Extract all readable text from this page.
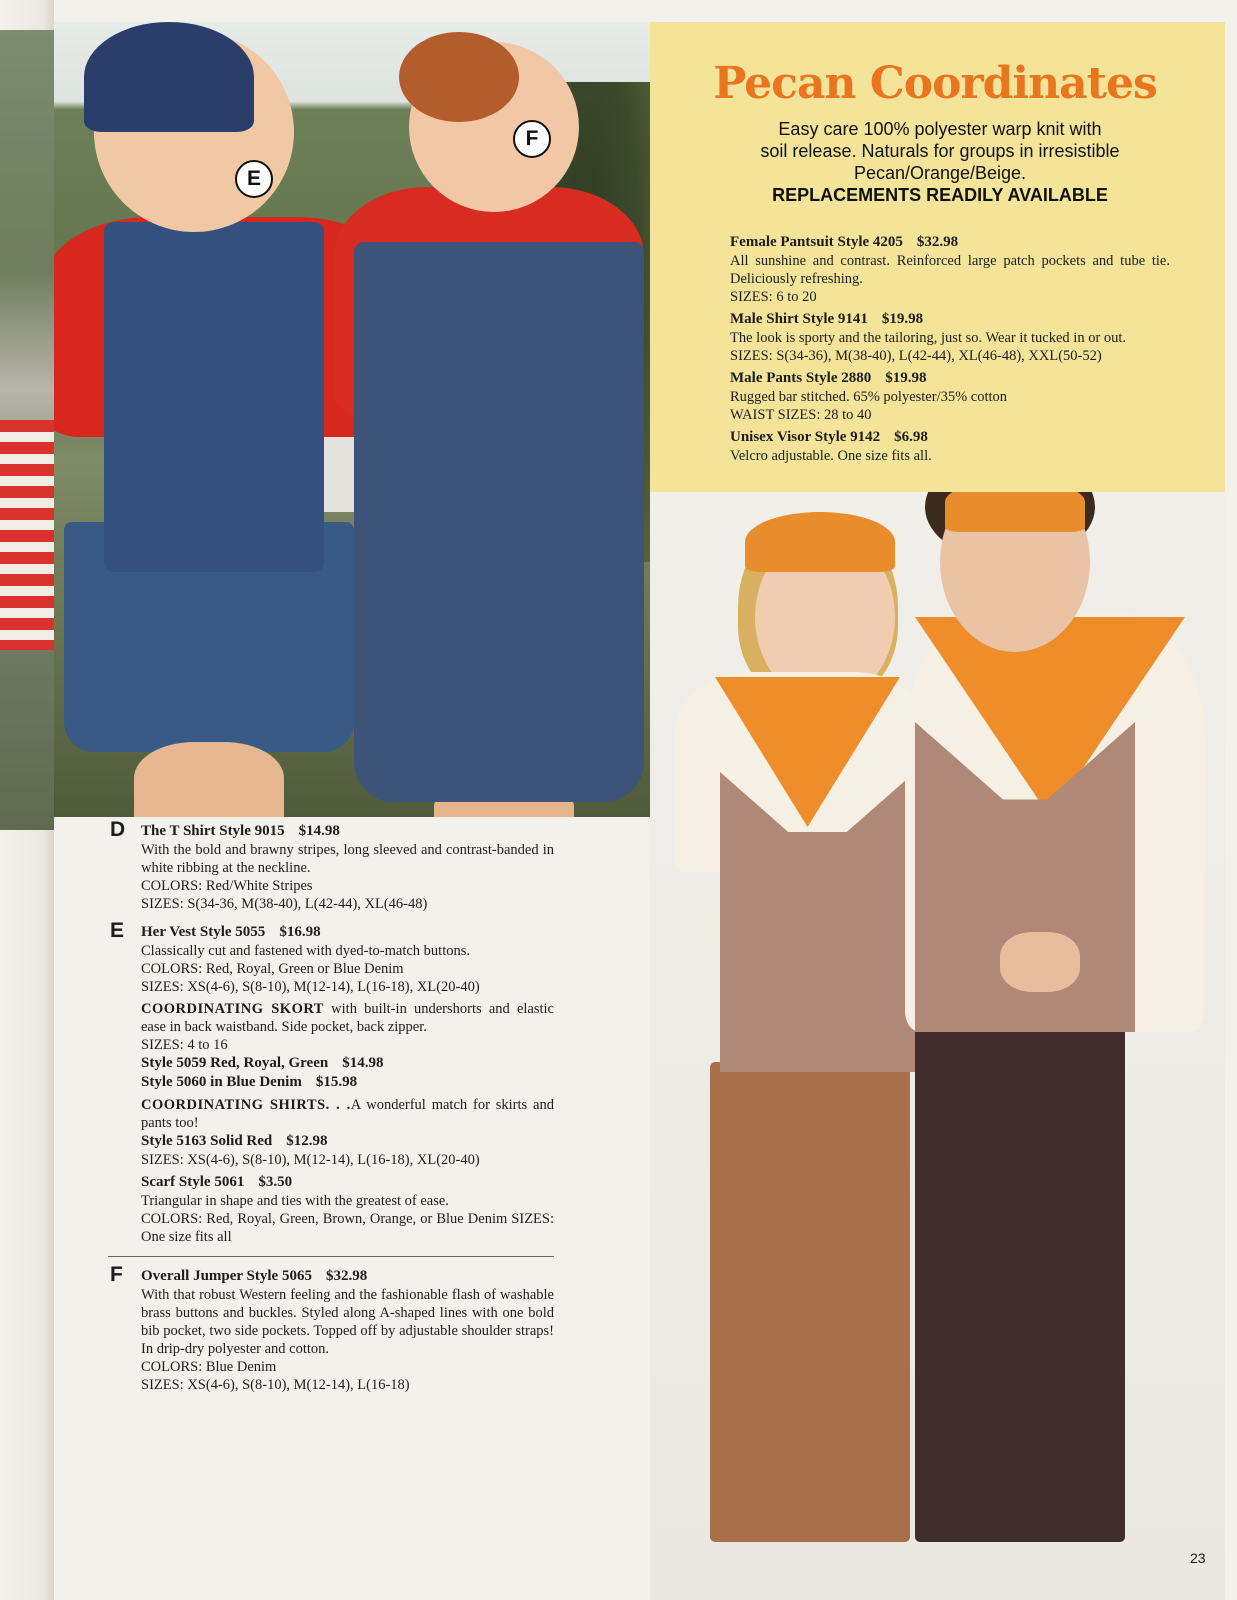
E
F
D The T Shirt Style 9015 $14.98
With the bold and brawny stripes, long sleeved and contrast-banded in white ribbing at the neckline.
COLORS: Red/White Stripes
SIZES: S(34-36, M(38-40), L(42-44), XL(46-48)
E Her Vest Style 5055 $16.98
Classically cut and fastened with dyed-to-match buttons.
COLORS: Red, Royal, Green or Blue Denim
SIZES: XS(4-6), S(8-10), M(12-14), L(16-18), XL(20-40)
COORDINATING SKORT with built-in undershorts and elastic ease in back waistband. Side pocket, back zipper.
SIZES: 4 to 16
Style 5059 Red, Royal, Green $14.98
Style 5060 in Blue Denim $15.98
COORDINATING SHIRTS. . .A wonderful match for skirts and pants too!
Style 5163 Solid Red $12.98
SIZES: XS(4-6), S(8-10), M(12-14), L(16-18), XL(20-40)
Scarf Style 5061 $3.50
Triangular in shape and ties with the greatest of ease.
COLORS: Red, Royal, Green, Brown, Orange, or Blue Denim SIZES: One size fits all
F Overall Jumper Style 5065 $32.98
With that robust Western feeling and the fashionable flash of washable brass buttons and buckles. Styled along A-shaped lines with one bold bib pocket, two side pockets. Topped off by adjustable shoulder straps! In drip-dry polyester and cotton.
COLORS: Blue Denim
SIZES: XS(4-6), S(8-10), M(12-14), L(16-18)
Pecan Coordinates
Easy care 100% polyester warp knit with
soil release. Naturals for groups in irresistible
Pecan/Orange/Beige.
REPLACEMENTS READILY AVAILABLE
Female Pantsuit Style 4205 $32.98
All sunshine and contrast. Reinforced large patch pockets and tube tie. Deliciously refreshing.
SIZES: 6 to 20
Male Shirt Style 9141 $19.98
The look is sporty and the tailoring, just so. Wear it tucked in or out.
SIZES: S(34-36), M(38-40), L(42-44), XL(46-48), XXL(50-52)
Male Pants Style 2880 $19.98
Rugged bar stitched. 65% polyester/35% cotton
WAIST SIZES: 28 to 40
Unisex Visor Style 9142 $6.98
Velcro adjustable. One size fits all.
23
